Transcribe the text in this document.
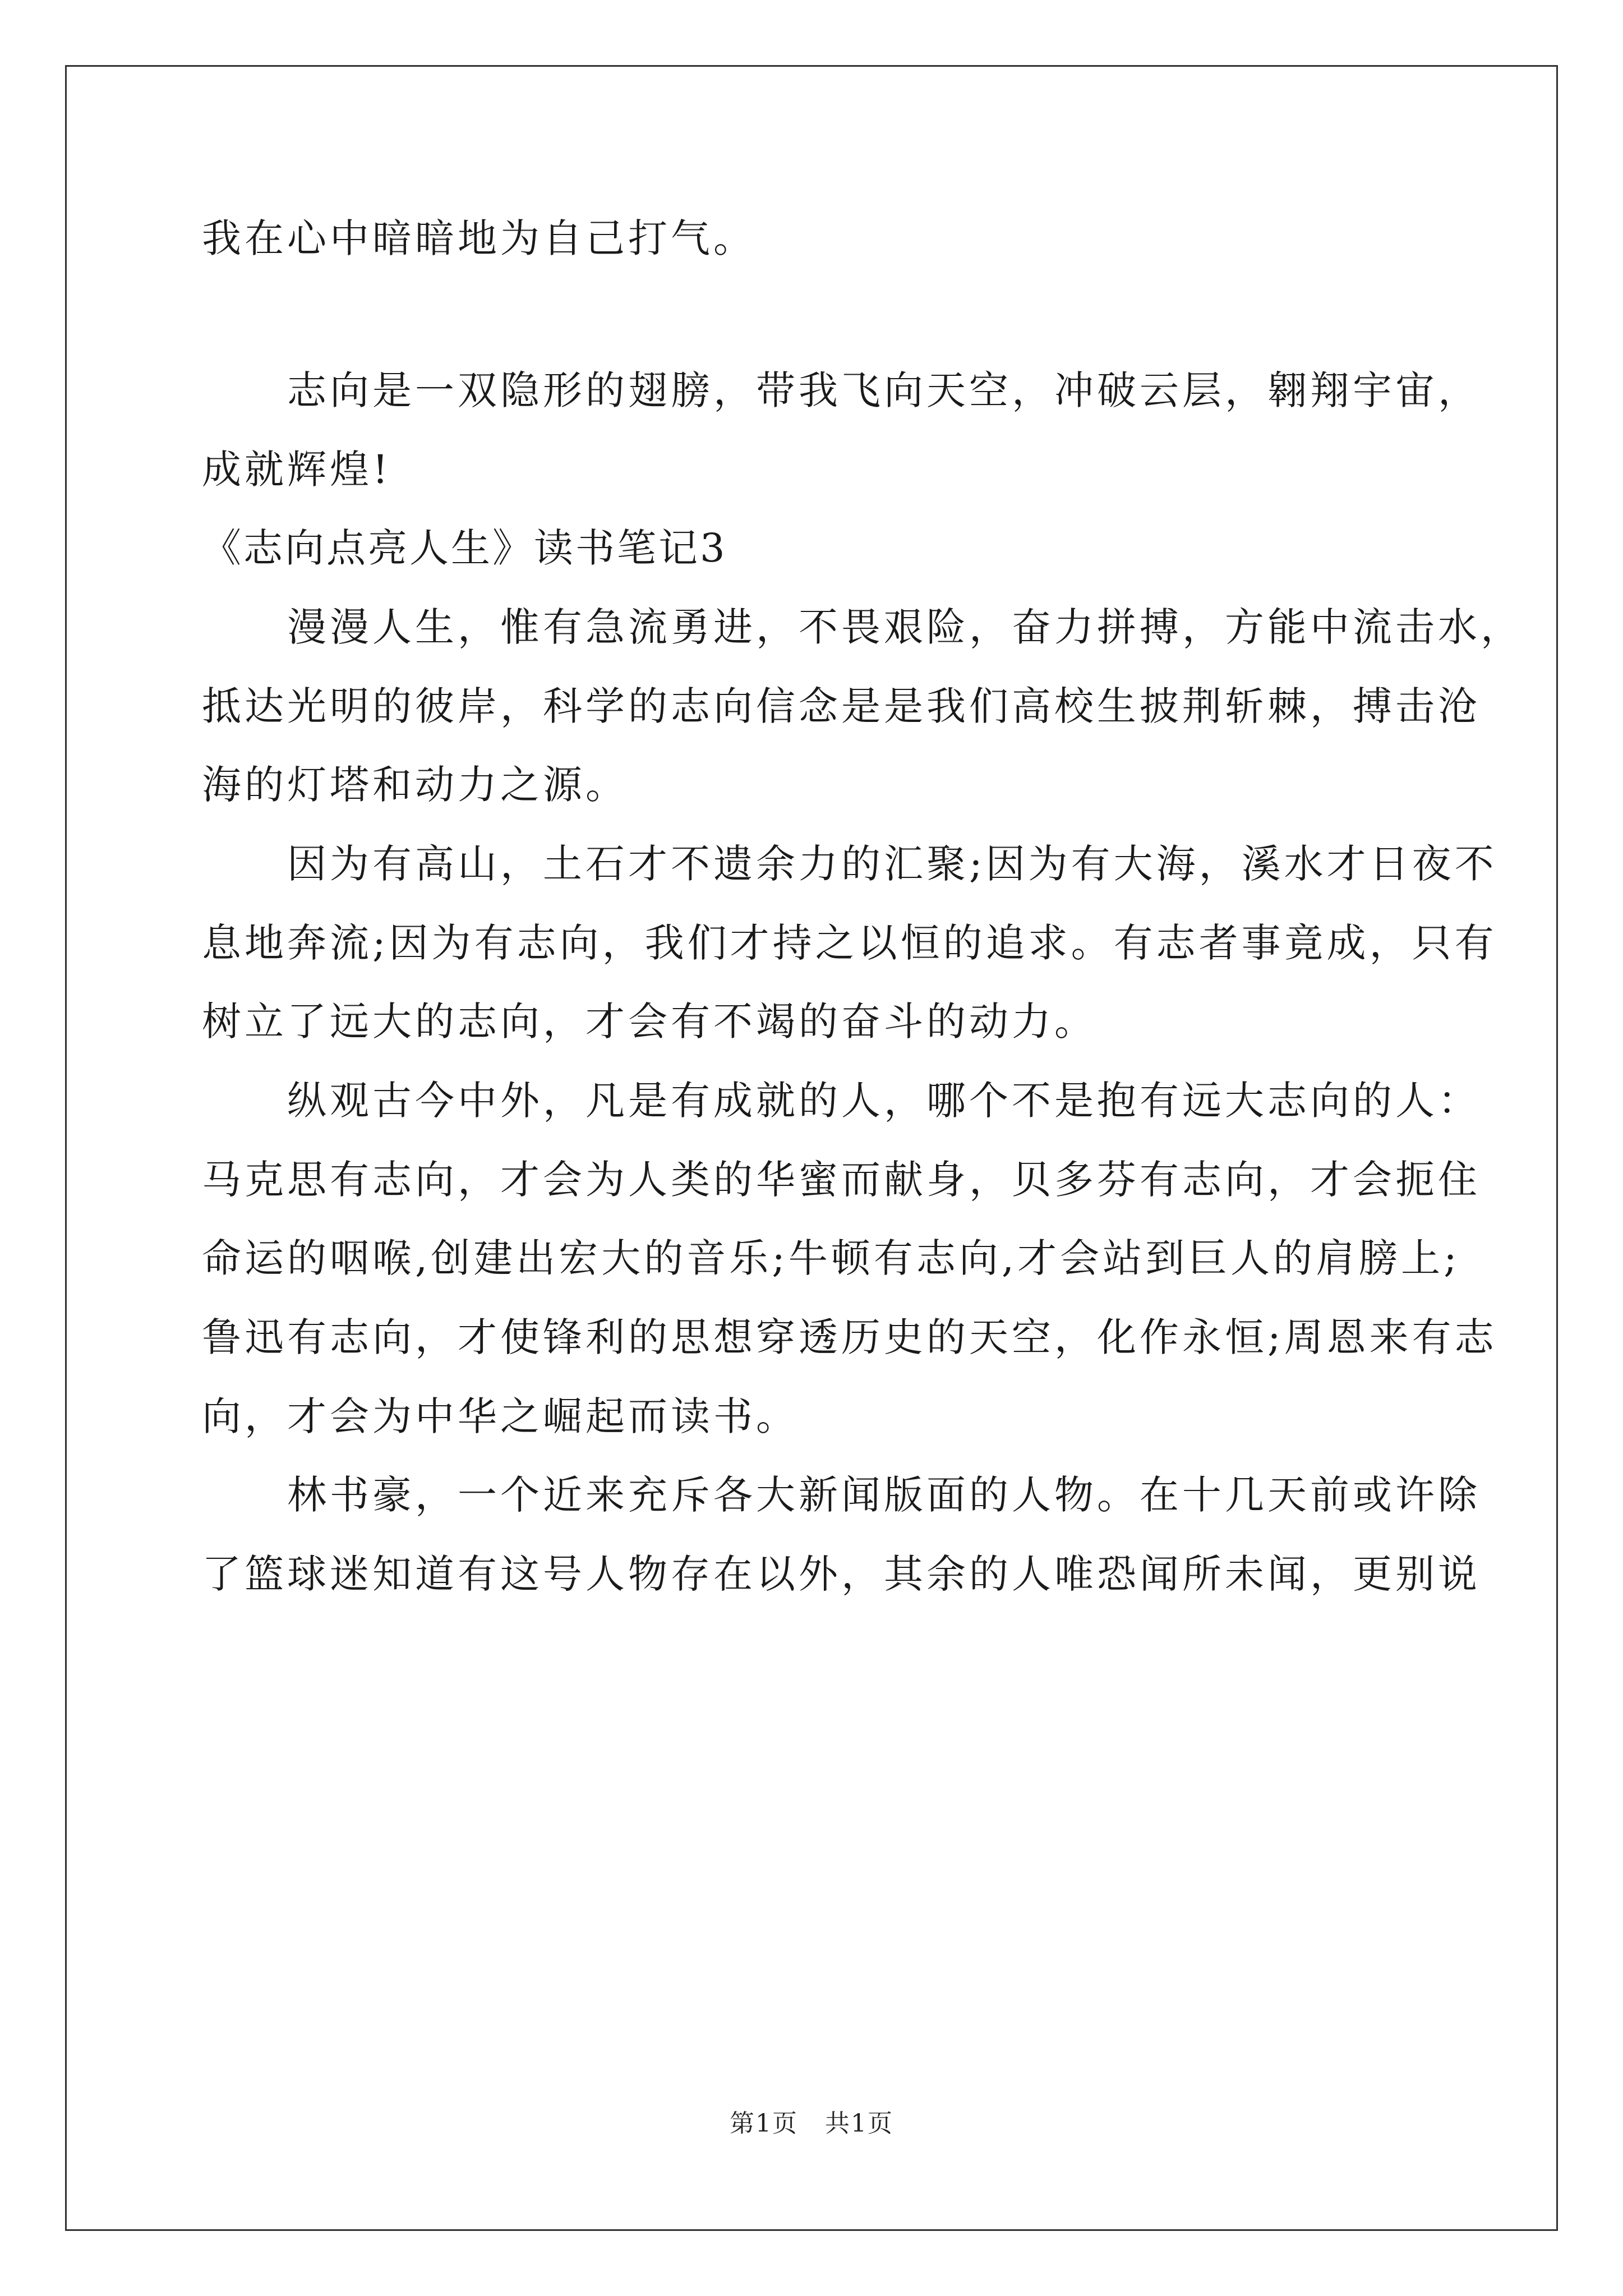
我在心中暗暗地为自己打气。
志向是一双隐形的翅膀，带我飞向天空，冲破云层，翱翔宇宙，
成就辉煌!
《志向点亮人生》读书笔记3
漫漫人生，惟有急流勇进，不畏艰险，奋力拼搏，方能中流击水，
抵达光明的彼岸，科学的志向信念是是我们高校生披荆斩棘，搏击沧
海的灯塔和动力之源。
因为有高山，土石才不遗余力的汇聚;因为有大海，溪水才日夜不
息地奔流;因为有志向，我们才持之以恒的追求。有志者事竟成，只有
树立了远大的志向，才会有不竭的奋斗的动力。
纵观古今中外，凡是有成就的人，哪个不是抱有远大志向的人：
马克思有志向，才会为人类的华蜜而献身，贝多芬有志向，才会扼住
命运的咽喉,创建出宏大的音乐;牛顿有志向,才会站到巨人的肩膀上;
鲁迅有志向，才使锋利的思想穿透历史的天空，化作永恒;周恩来有志
向，才会为中华之崛起而读书。
林书豪，一个近来充斥各大新闻版面的人物。在十几天前或许除
了篮球迷知道有这号人物存在以外，其余的人唯恐闻所未闻，更别说
第1页 共1页
